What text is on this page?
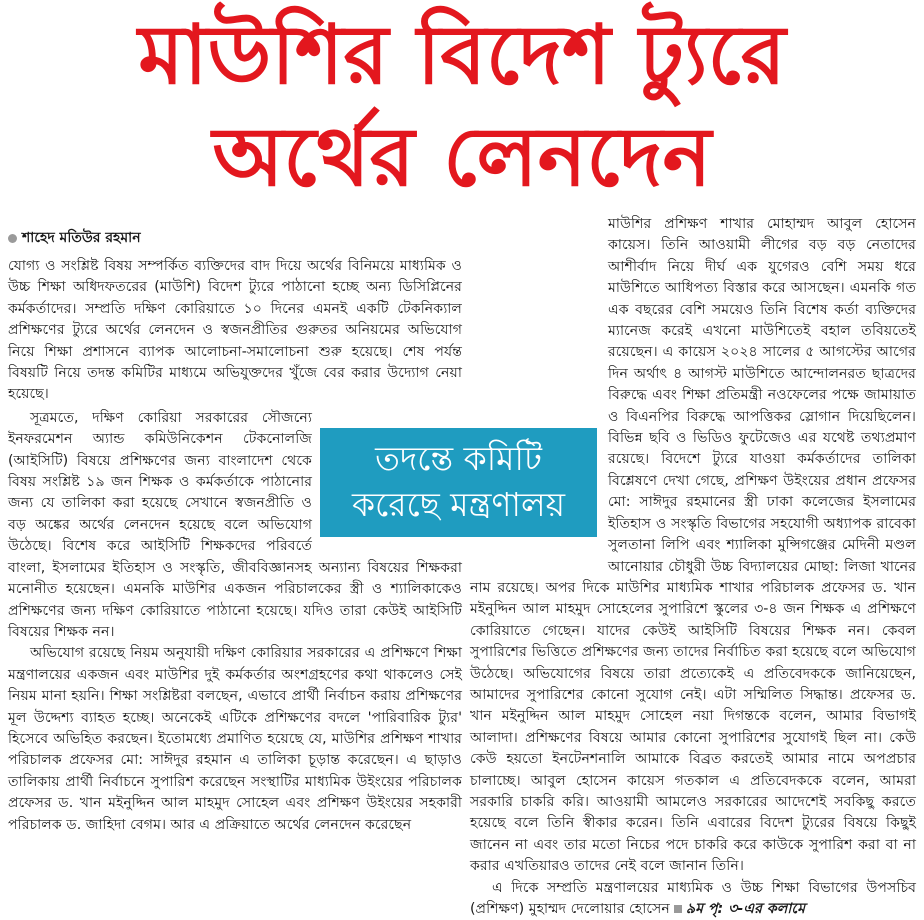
মাউশির বিদেশ ট্যুরে
অর্থের লেনদেন
শাহেদ মতিউর রহমান

যোগ্য ও সংশ্লিষ্ট বিষয় সম্পর্কিত ব্যক্তিদের বাদ দিয়ে অর্থের বিনিময়ে মাধ্যমিক ও উচ্চ শিক্ষা অধিদফতরের (মাউশি) বিদেশ ট্যুরে পাঠানো হচ্ছে অন্য ডিসিপ্লিনের কর্মকর্তাদের। সম্প্রতি দক্ষিণ কোরিয়াতে ১০ দিনের এমনই একটি টেকনিক্যাল প্রশিক্ষণের ট্যুরে অর্থের লেনদেন ও স্বজনপ্রীতির গুরুতর অনিয়মের অভিযোগ নিয়ে শিক্ষা প্রশাসনে ব্যাপক আলোচনা-সমালোচনা শুরু হয়েছে। শেষ পর্যন্ত বিষয়টি নিয়ে তদন্ত কমিটির মাধ্যমে অভিযুক্তদের খুঁজে বের করার উদ্যোগ নেয়া হয়েছে।

সূত্রমতে, দক্ষিণ কোরিয়া সরকারের সৌজন্যে ইনফরমেশন অ্যান্ড কমিউনিকেশন টেকনোলজি (আইসিটি) বিষয়ে প্রশিক্ষণের জন্য বাংলাদেশ থেকে বিষয় সংশ্লিষ্ট ১৯ জন শিক্ষক ও কর্মকর্তাকে পাঠানোর জন্য যে তালিকা করা হয়েছে সেখানে স্বজনপ্রীতি ও বড় অঙ্কের অর্থের লেনদেন হয়েছে বলে অভিযোগ উঠেছে। বিশেষ করে আইসিটি শিক্ষকদের পরিবর্তে বাংলা, ইসলামের ইতিহাস ও সংস্কৃতি, জীববিজ্ঞানসহ অন্যান্য বিষয়ের শিক্ষকরা মনোনীত হয়েছেন। এমনকি মাউশির একজন পরিচালকের স্ত্রী ও শ্যালিকাকেও প্রশিক্ষণের জন্য দক্ষিণ কোরিয়াতে পাঠানো হয়েছে। যদিও তারা কেউই আইসিটি বিষয়ের শিক্ষক নন।

অভিযোগ রয়েছে নিয়ম অনুযায়ী দক্ষিণ কোরিয়ার সরকারের এ প্রশিক্ষণে শিক্ষা মন্ত্রণালয়ের একজন এবং মাউশির দুই কর্মকর্তার অংশগ্রহণের কথা থাকলেও সেই নিয়ম মানা হয়নি। শিক্ষা সংশ্লিষ্টরা বলছেন, এভাবে প্রার্থী নির্বাচন করায় প্রশিক্ষণের মূল উদ্দেশ্য ব্যাহত হচ্ছে। অনেকেই এটিকে প্রশিক্ষণের বদলে 'পারিবারিক ট্যুর' হিসেবে অভিহিত করছেন। ইতোমধ্যে প্রমাণিত হয়েছে যে, মাউশির প্রশিক্ষণ শাখার পরিচালক প্রফেসর মো: সাঈদুর রহমান এ তালিকা চূড়ান্ত করেছেন। এ ছাড়াও তালিকায় প্রার্থী নির্বাচনে সুপারিশ করেছেন সংস্থাটির মাধ্যমিক উইংয়ের পরিচালক প্রফেসর ড. খান মইনুদ্দিন আল মাহমুদ সোহেল এবং প্রশিক্ষণ উইংয়ের সহকারী পরিচালক ড. জাহিদা বেগম। আর এ প্রক্রিয়াতে অর্থের লেনদেন করেছেন

মাউশির প্রশিক্ষণ শাখার মোহাম্মদ আবুল হোসেন কায়েস। তিনি আওয়ামী লীগের বড় বড় নেতাদের আশীর্বাদ নিয়ে দীর্ঘ এক যুগেরও বেশি সময় ধরে মাউশিতে আধিপত্য বিস্তার করে আসছেন। এমনকি গত এক বছরের বেশি সময়েও তিনি বিশেষ কর্তা ব্যক্তিদের ম্যানেজ করেই এখনো মাউশিতেই বহাল তবিয়তেই রয়েছেন। এ কায়েস ২০২৪ সালের ৫ আগস্টের আগের দিন অর্থাৎ ৪ আগস্ট মাউশিতে আন্দোলনরত ছাত্রদের বিরুদ্ধে এবং শিক্ষা প্রতিমন্ত্রী নওফেলের পক্ষে জামায়াত ও বিএনপির বিরুদ্ধে আপত্তিকর স্লোগান দিয়েছিলেন। বিভিন্ন ছবি ও ভিডিও ফুটেজেও এর যথেষ্ট তথ্যপ্রমাণ রয়েছে। বিদেশে ট্যুরে যাওয়া কর্মকর্তাদের তালিকা বিশ্লেষণে দেখা গেছে, প্রশিক্ষণ উইংয়ের প্রধান প্রফেসর মো: সাঈদুর রহমানের স্ত্রী ঢাকা কলেজের ইসলামের ইতিহাস ও সংস্কৃতি বিভাগের সহযোগী অধ্যাপক রাবেকা সুলতানা লিপি এবং শ্যালিকা মুন্সিগঞ্জের মেদিনী মণ্ডল আনোয়ার চৌধুরী উচ্চ বিদ্যালয়ের মোছা: লিজা খানের নাম রয়েছে। অপর দিকে মাউশির মাধ্যমিক শাখার পরিচালক প্রফেসর ড. খান মইনুদ্দিন আল মাহমুদ সোহেলের সুপারিশে স্কুলের ৩-৪ জন শিক্ষক এ প্রশিক্ষণে কোরিয়াতে গেছেন। যাদের কেউই আইসিটি বিষয়ের শিক্ষক নন। কেবল সুপারিশের ভিত্তিতে প্রশিক্ষণের জন্য তাদের নির্বাচিত করা হয়েছে বলে অভিযোগ উঠেছে। অভিযোগের বিষয়ে তারা প্রত্যেকেই এ প্রতিবেদককে জানিয়েছেন, আমাদের সুপারিশের কোনো সুযোগ নেই। এটা সম্মিলিত সিদ্ধান্ত। প্রফেসর ড. খান মইনুদ্দিন আল মাহমুদ সোহেল নয়া দিগন্তকে বলেন, আমার বিভাগই আলাদা। প্রশিক্ষণের বিষয়ে আমার কোনো সুপারিশের সুযোগই ছিল না। কেউ কেউ হয়তো ইনটেনশনালি আমাকে বিব্রত করতেই আমার নামে অপপ্রচার চালাচ্ছে। আবুল হোসেন কায়েস গতকাল এ প্রতিবেদককে বলেন, আমরা সরকারি চাকরি করি। আওয়ামী আমলেও সরকারের আদেশেই সবকিছু করতে হয়েছে বলে তিনি স্বীকার করেন। তিনি এবারের বিদেশ ট্যুরের বিষয়ে কিছুই জানেন না এবং তার মতো নিচের পদে চাকরি করে কাউকে সুপারিশ করা বা না করার এখতিয়ারও তাদের নেই বলে জানান তিনি।

এ দিকে সম্প্রতি মন্ত্রণালয়ের মাধ্যমিক ও উচ্চ শিক্ষা বিভাগের উপসচিব (প্রশিক্ষণ) মুহাম্মদ দেলোয়ার হোসেন ৯ম পৃ: ৩-এর কলামে

তদন্তে কমিটি
করেছে মন্ত্রণালয়
